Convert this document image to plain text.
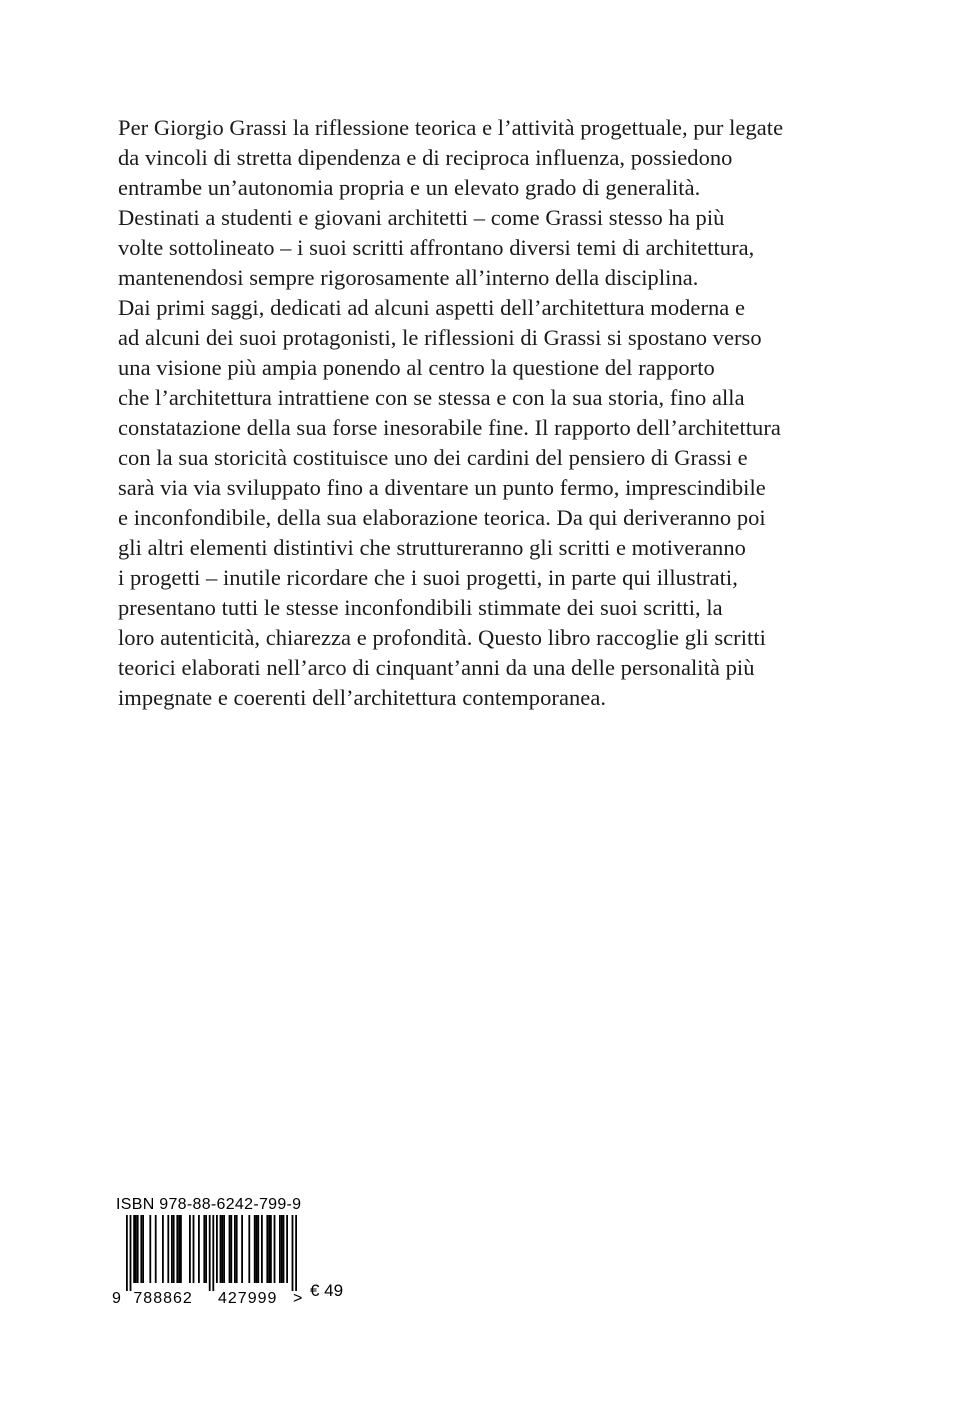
Per Giorgio Grassi la riflessione teorica e l’attività progettuale, pur legate
da vincoli di stretta dipendenza e di reciproca influenza, possiedono
entrambe un’autonomia propria e un elevato grado di generalità.
Destinati a studenti e giovani architetti – come Grassi stesso ha più
volte sottolineato – i suoi scritti affrontano diversi temi di architettura,
mantenendosi sempre rigorosamente all’interno della disciplina.
Dai primi saggi, dedicati ad alcuni aspetti dell’architettura moderna e
ad alcuni dei suoi protagonisti, le riflessioni di Grassi si spostano verso
una visione più ampia ponendo al centro la questione del rapporto
che l’architettura intrattiene con se stessa e con la sua storia, fino alla
constatazione della sua forse inesorabile fine. Il rapporto dell’architettura
con la sua storicità costituisce uno dei cardini del pensiero di Grassi e
sarà via via sviluppato fino a diventare un punto fermo, imprescindibile
e inconfondibile, della sua elaborazione teorica. Da qui deriveranno poi
gli altri elementi distintivi che struttureranno gli scritti e motiveranno
i progetti – inutile ricordare che i suoi progetti, in parte qui illustrati,
presentano tutti le stesse inconfondibili stimmate dei suoi scritti, la
loro autenticità, chiarezza e profondità. Questo libro raccoglie gli scritti
teorici elaborati nell’arco di cinquant’anni da una delle personalità più
impegnate e coerenti dell’architettura contemporanea.
ISBN 978-88-6242-799-9
9 788862 427999 > € 49
